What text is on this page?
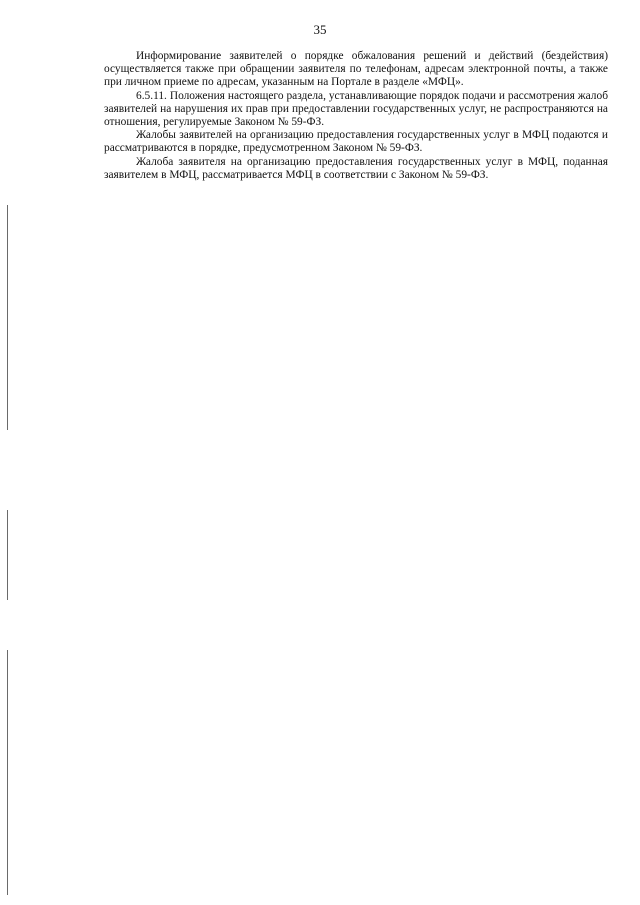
35

Информирование заявителей о порядке обжалования решений и действий (бездействия) осуществляется также при обращении заявителя по телефонам, адресам электронной почты, а также при личном приеме по адресам, указанным на Портале в разделе «МФЦ».

6.5.11. Положения настоящего раздела, устанавливающие порядок подачи и рассмотрения жалоб заявителей на нарушения их прав при предоставлении государственных услуг, не распространяются на отношения, регулируемые Законом № 59-ФЗ.

Жалобы заявителей на организацию предоставления государственных услуг в МФЦ подаются и рассматриваются в порядке, предусмотренном Законом № 59-ФЗ.

Жалоба заявителя на организацию предоставления государственных услуг в МФЦ, поданная заявителем в МФЦ, рассматривается МФЦ в соответствии с Законом № 59-ФЗ.
